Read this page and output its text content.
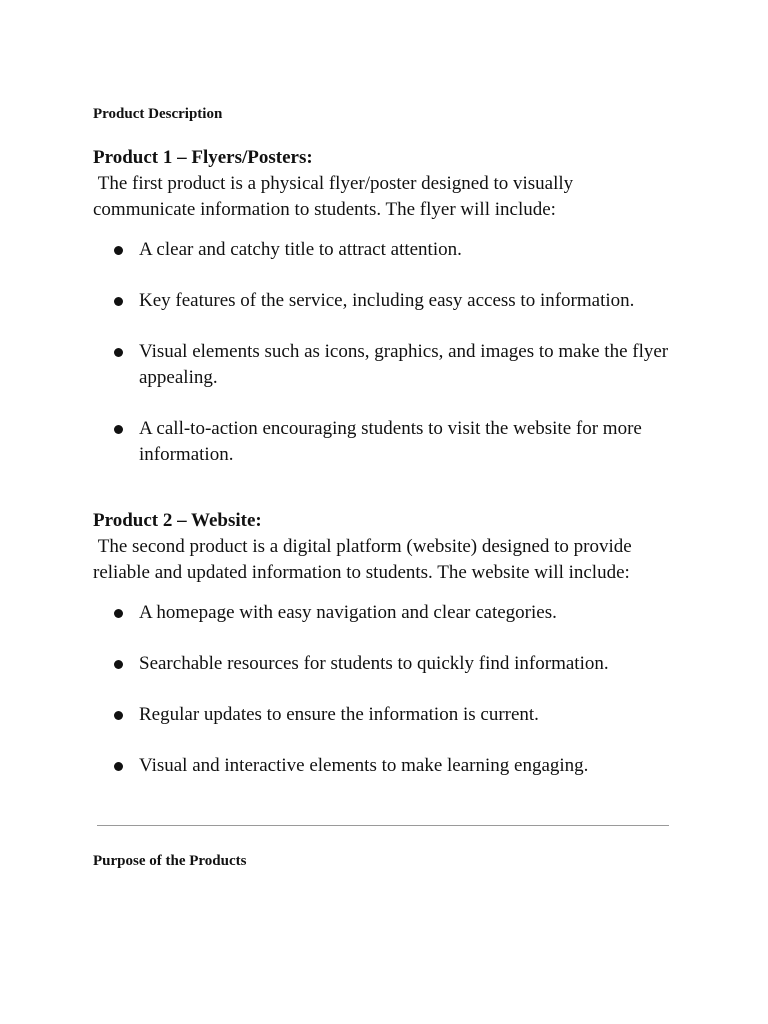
Product Description

Product 1 – Flyers/Posters:

The first product is a physical flyer/poster designed to visually communicate information to students. The flyer will include:

A clear and catchy title to attract attention.
Key features of the service, including easy access to information.
Visual elements such as icons, graphics, and images to make the flyer appealing.
A call-to-action encouraging students to visit the website for more information.

Product 2 – Website:

The second product is a digital platform (website) designed to provide reliable and updated information to students. The website will include:

A homepage with easy navigation and clear categories.
Searchable resources for students to quickly find information.
Regular updates to ensure the information is current.
Visual and interactive elements to make learning engaging.

Purpose of the Products
